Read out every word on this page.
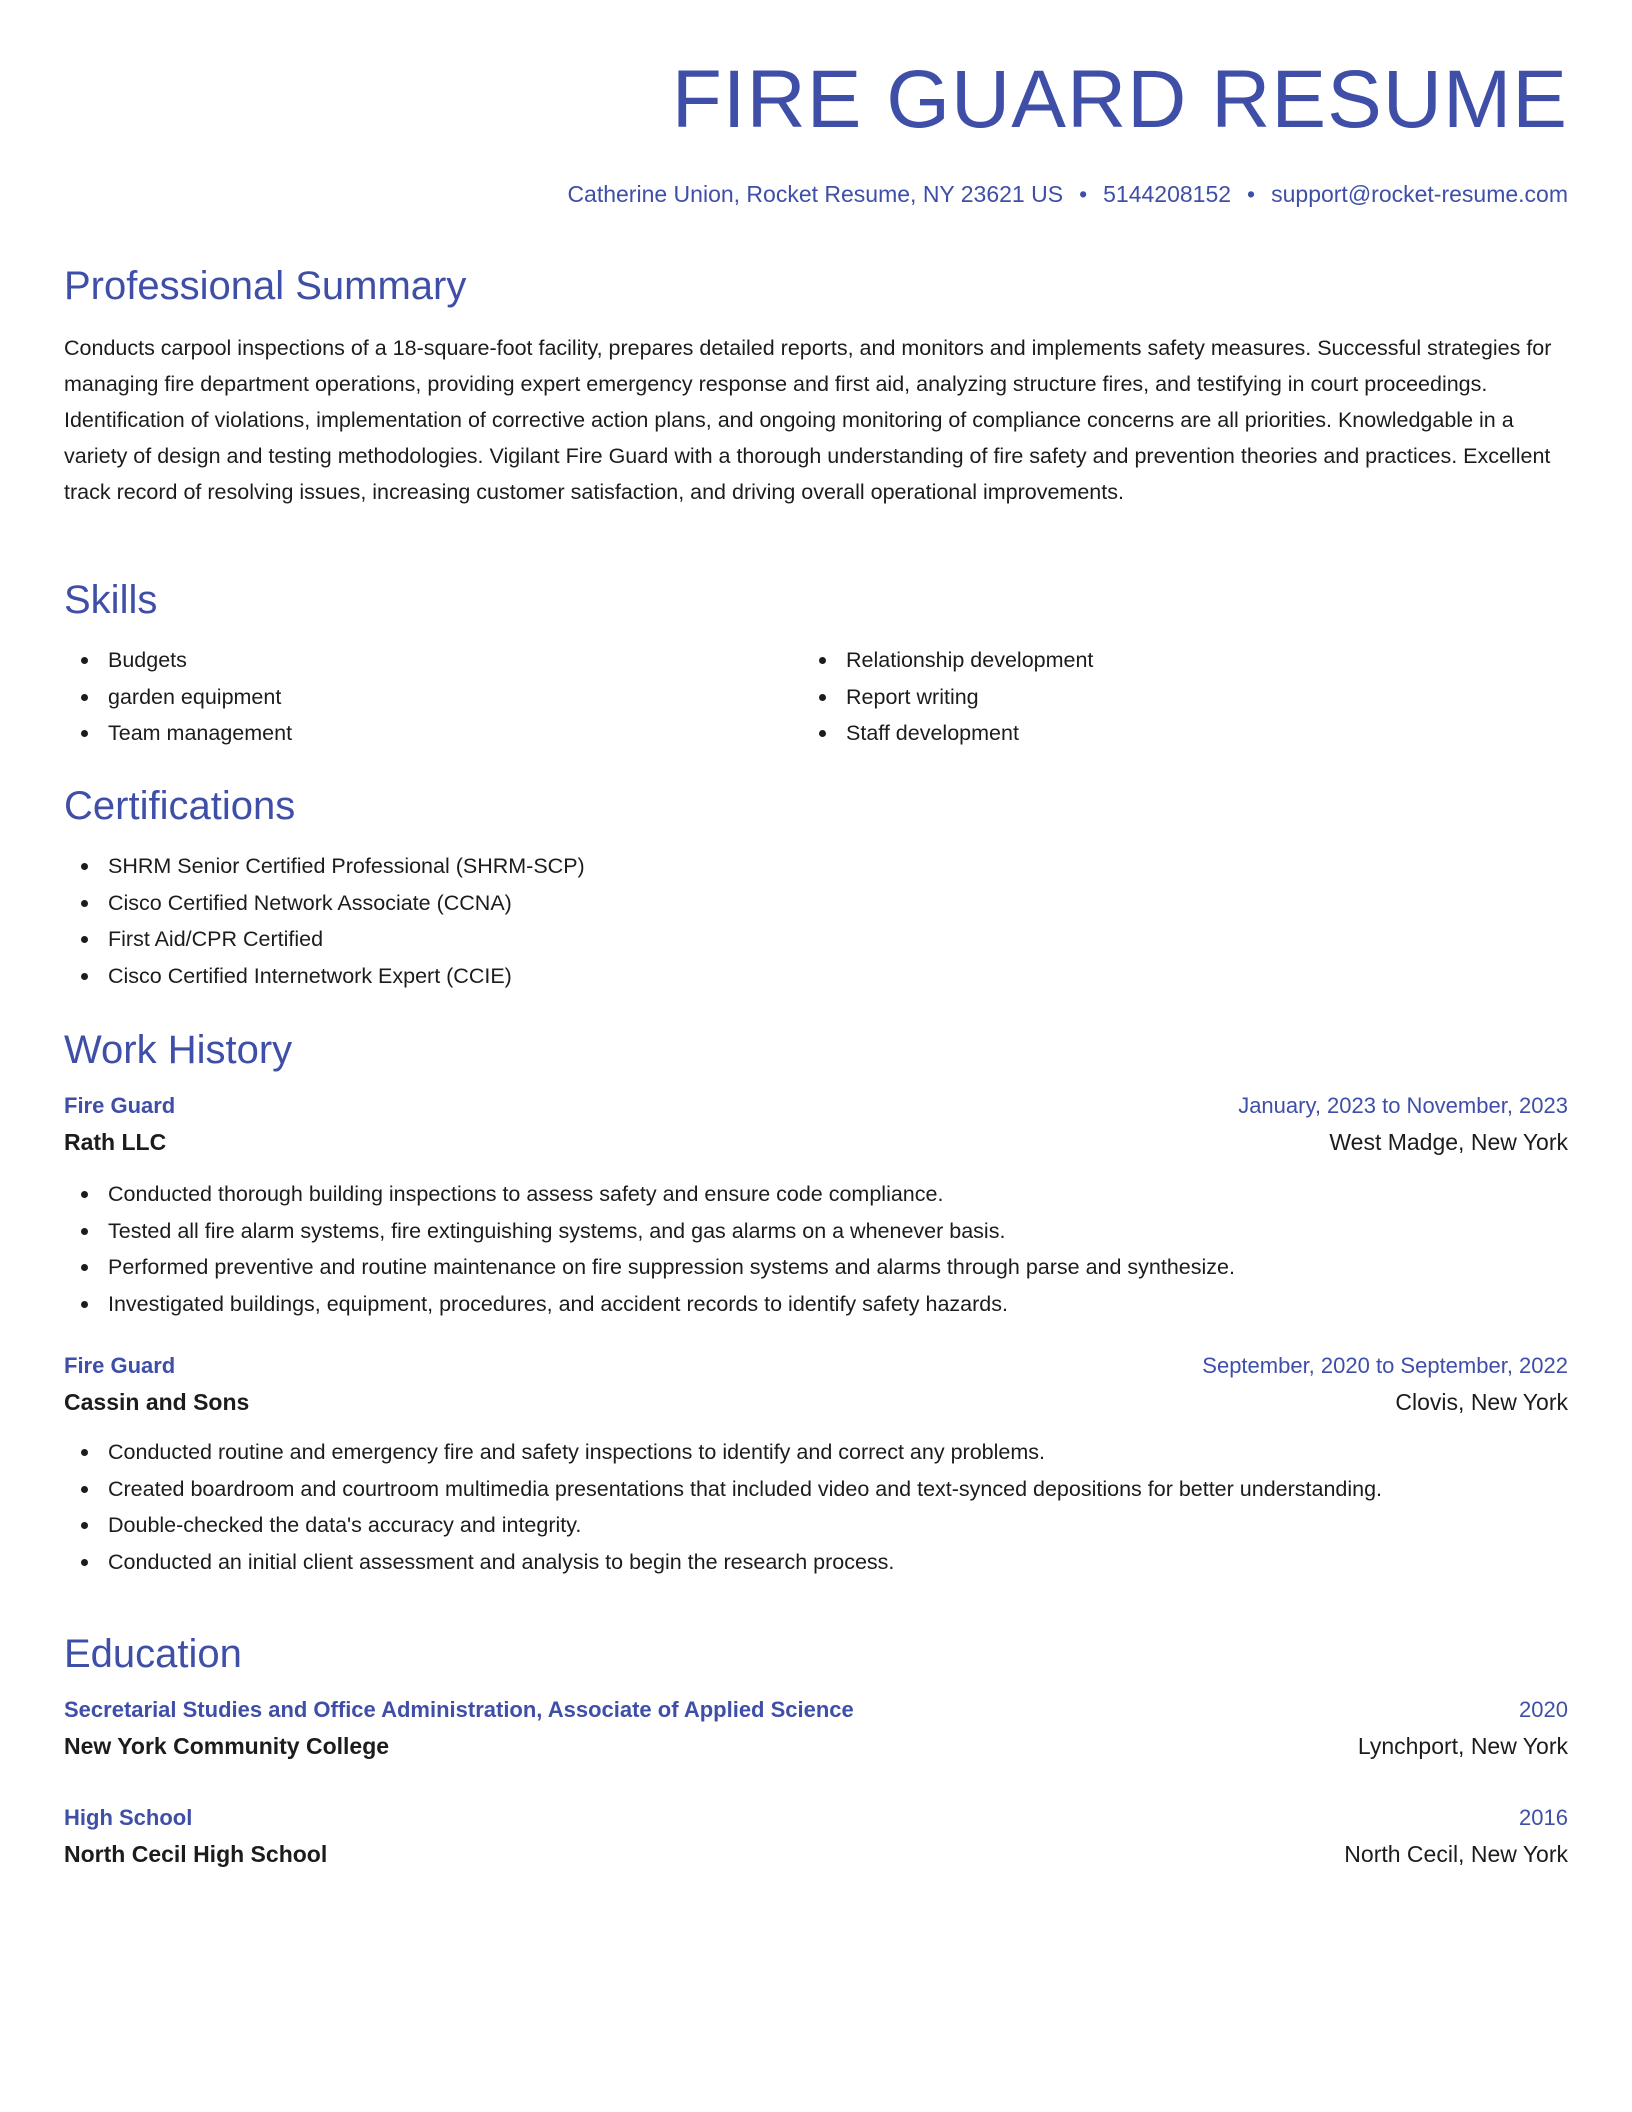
FIRE GUARD RESUME
Catherine Union, Rocket Resume, NY 23621 US • 5144208152 • support@rocket-resume.com
Professional Summary

Conducts carpool inspections of a 18-square-foot facility, prepares detailed reports, and monitors and implements safety measures. Successful strategies for managing fire department operations, providing expert emergency response and first aid, analyzing structure fires, and testifying in court proceedings. Identification of violations, implementation of corrective action plans, and ongoing monitoring of compliance concerns are all priorities. Knowledgable in a variety of design and testing methodologies. Vigilant Fire Guard with a thorough understanding of fire safety and prevention theories and practices. Excellent track record of resolving issues, increasing customer satisfaction, and driving overall operational improvements.

Skills
Budgets
garden equipment
Team management
Relationship development
Report writing
Staff development
Certifications
SHRM Senior Certified Professional (SHRM-SCP)
Cisco Certified Network Associate (CCNA)
First Aid/CPR Certified
Cisco Certified Internetwork Expert (CCIE)
Work History
Fire Guard	January, 2023 to November, 2023
Rath LLC	West Madge, New York
Conducted thorough building inspections to assess safety and ensure code compliance.
Tested all fire alarm systems, fire extinguishing systems, and gas alarms on a whenever basis.
Performed preventive and routine maintenance on fire suppression systems and alarms through parse and synthesize.
Investigated buildings, equipment, procedures, and accident records to identify safety hazards.
Fire Guard	September, 2020 to September, 2022
Cassin and Sons	Clovis, New York
Conducted routine and emergency fire and safety inspections to identify and correct any problems.
Created boardroom and courtroom multimedia presentations that included video and text-synced depositions for better understanding.
Double-checked the data's accuracy and integrity.
Conducted an initial client assessment and analysis to begin the research process.
Education
Secretarial Studies and Office Administration, Associate of Applied Science	2020
New York Community College	Lynchport, New York
High School	2016
North Cecil High School	North Cecil, New York
